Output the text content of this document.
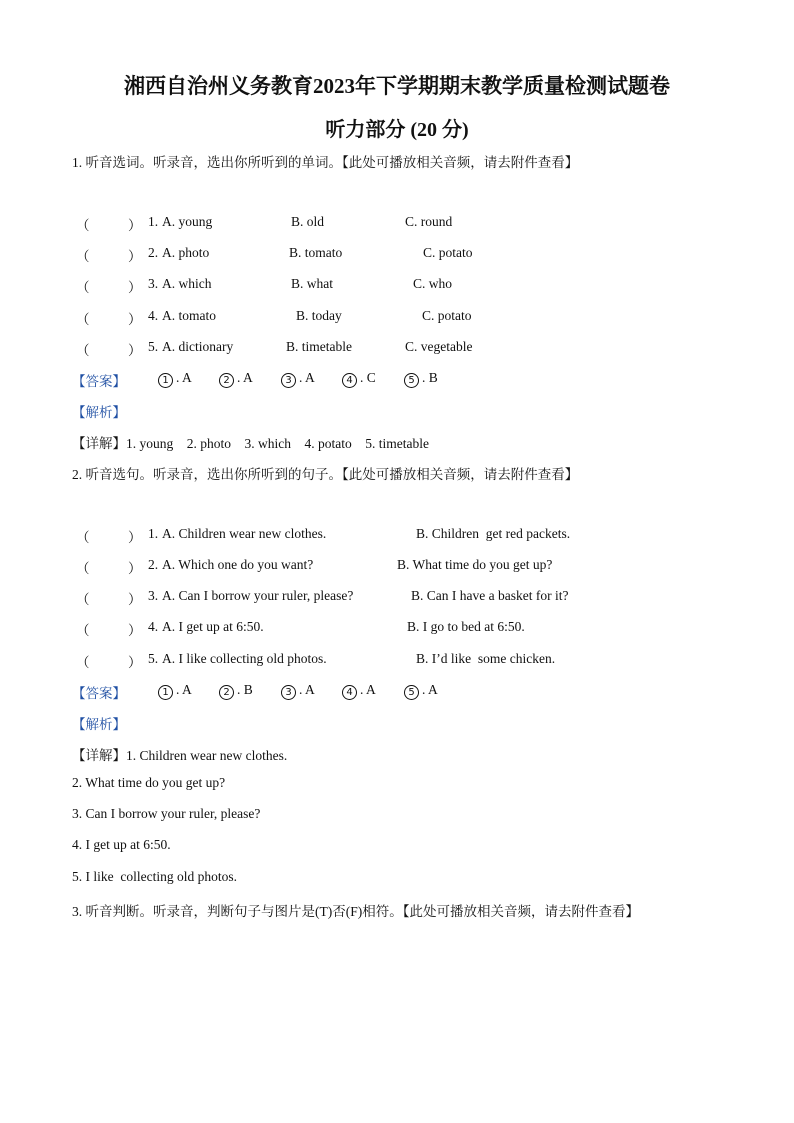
湘西自治州义务教育2023年下学期期末教学质量检测试题卷
听力部分 (20 分)
1. 听音选词。听录音，选出你所听到的单词。【此处可播放相关音频，请去附件查看】
（	） 1. A. young	B. old	C. round
（	） 2. A. photo	B. tomato	C. potato
（	） 3. A. which	B. what	C. who
（	） 4. A. tomato	B. today	C. potato
（	） 5. A. dictionary	B. timetable	C. vegetable
【答案】	1 . A	2 . A	3 . A	4 . C	5 . B
【解析】
【详解】1. young    2. photo    3. which    4. potato    5. timetable
2. 听音选句。听录音，选出你所听到的句子。【此处可播放相关音频，请去附件查看】
（	） 1. A. Children wear new clothes.	B. Children  get red packets.
（	） 2. A. Which one do you want?	B. What time do you get up?
（	） 3. A. Can I borrow your ruler, please?	B. Can I have a basket for it?
（	） 4. A. I get up at 6:50.	B. I go to bed at 6:50.
（	） 5. A. I like collecting old photos.	B. I’d like  some chicken.
【答案】	1 . A	2 . B	3 . A	4 . A	5 . A
【解析】
【详解】1. Children wear new clothes.
2. What time do you get up?
3. Can I borrow your ruler, please?
4. I get up at 6:50.
5. I like  collecting old photos.
3. 听音判断。听录音，判断句子与图片是(T)否(F)相符。【此处可播放相关音频，请去附件查看】
